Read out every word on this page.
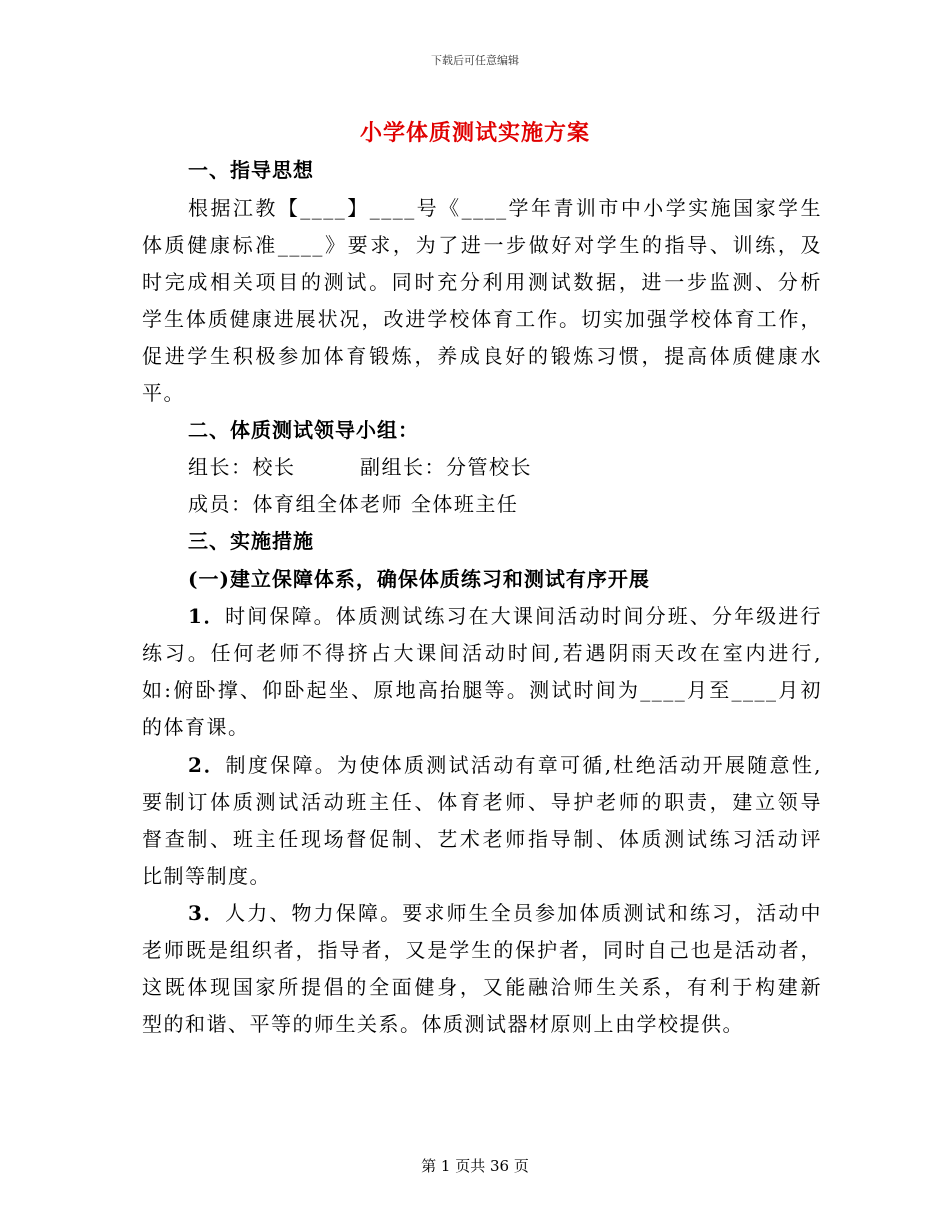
下载后可任意编辑
小学体质测试实施方案
一、指导思想
根据江教【____】____号《____学年青训市中小学实施国家学生
体质健康标准____》要求，为了进一步做好对学生的指导、训练，及
时完成相关项目的测试。同时充分利用测试数据，进一步监测、分析
学生体质健康进展状况，改进学校体育工作。切实加强学校体育工作，
促进学生积极参加体育锻炼，养成良好的锻炼习惯，提高体质健康水
平。
二、体质测试领导小组：
组长：校长　　　副组长：分管校长
成员：体育组全体老师 全体班主任
三、实施措施
(一)建立保障体系，确保体质练习和测试有序开展
1．时间保障。体质测试练习在大课间活动时间分班、分年级进行
练习。任何老师不得挤占大课间活动时间,若遇阴雨天改在室内进行,
如:俯卧撑、仰卧起坐、原地高抬腿等。测试时间为____月至____月初
的体育课。
2．制度保障。为使体质测试活动有章可循,杜绝活动开展随意性,
要制订体质测试活动班主任、体育老师、导护老师的职责，建立领导
督查制、班主任现场督促制、艺术老师指导制、体质测试练习活动评
比制等制度。
3．人力、物力保障。要求师生全员参加体质测试和练习，活动中
老师既是组织者，指导者，又是学生的保护者，同时自己也是活动者，
这既体现国家所提倡的全面健身，又能融洽师生关系，有利于构建新
型的和谐、平等的师生关系。体质测试器材原则上由学校提供。
第 1 页共 36 页
